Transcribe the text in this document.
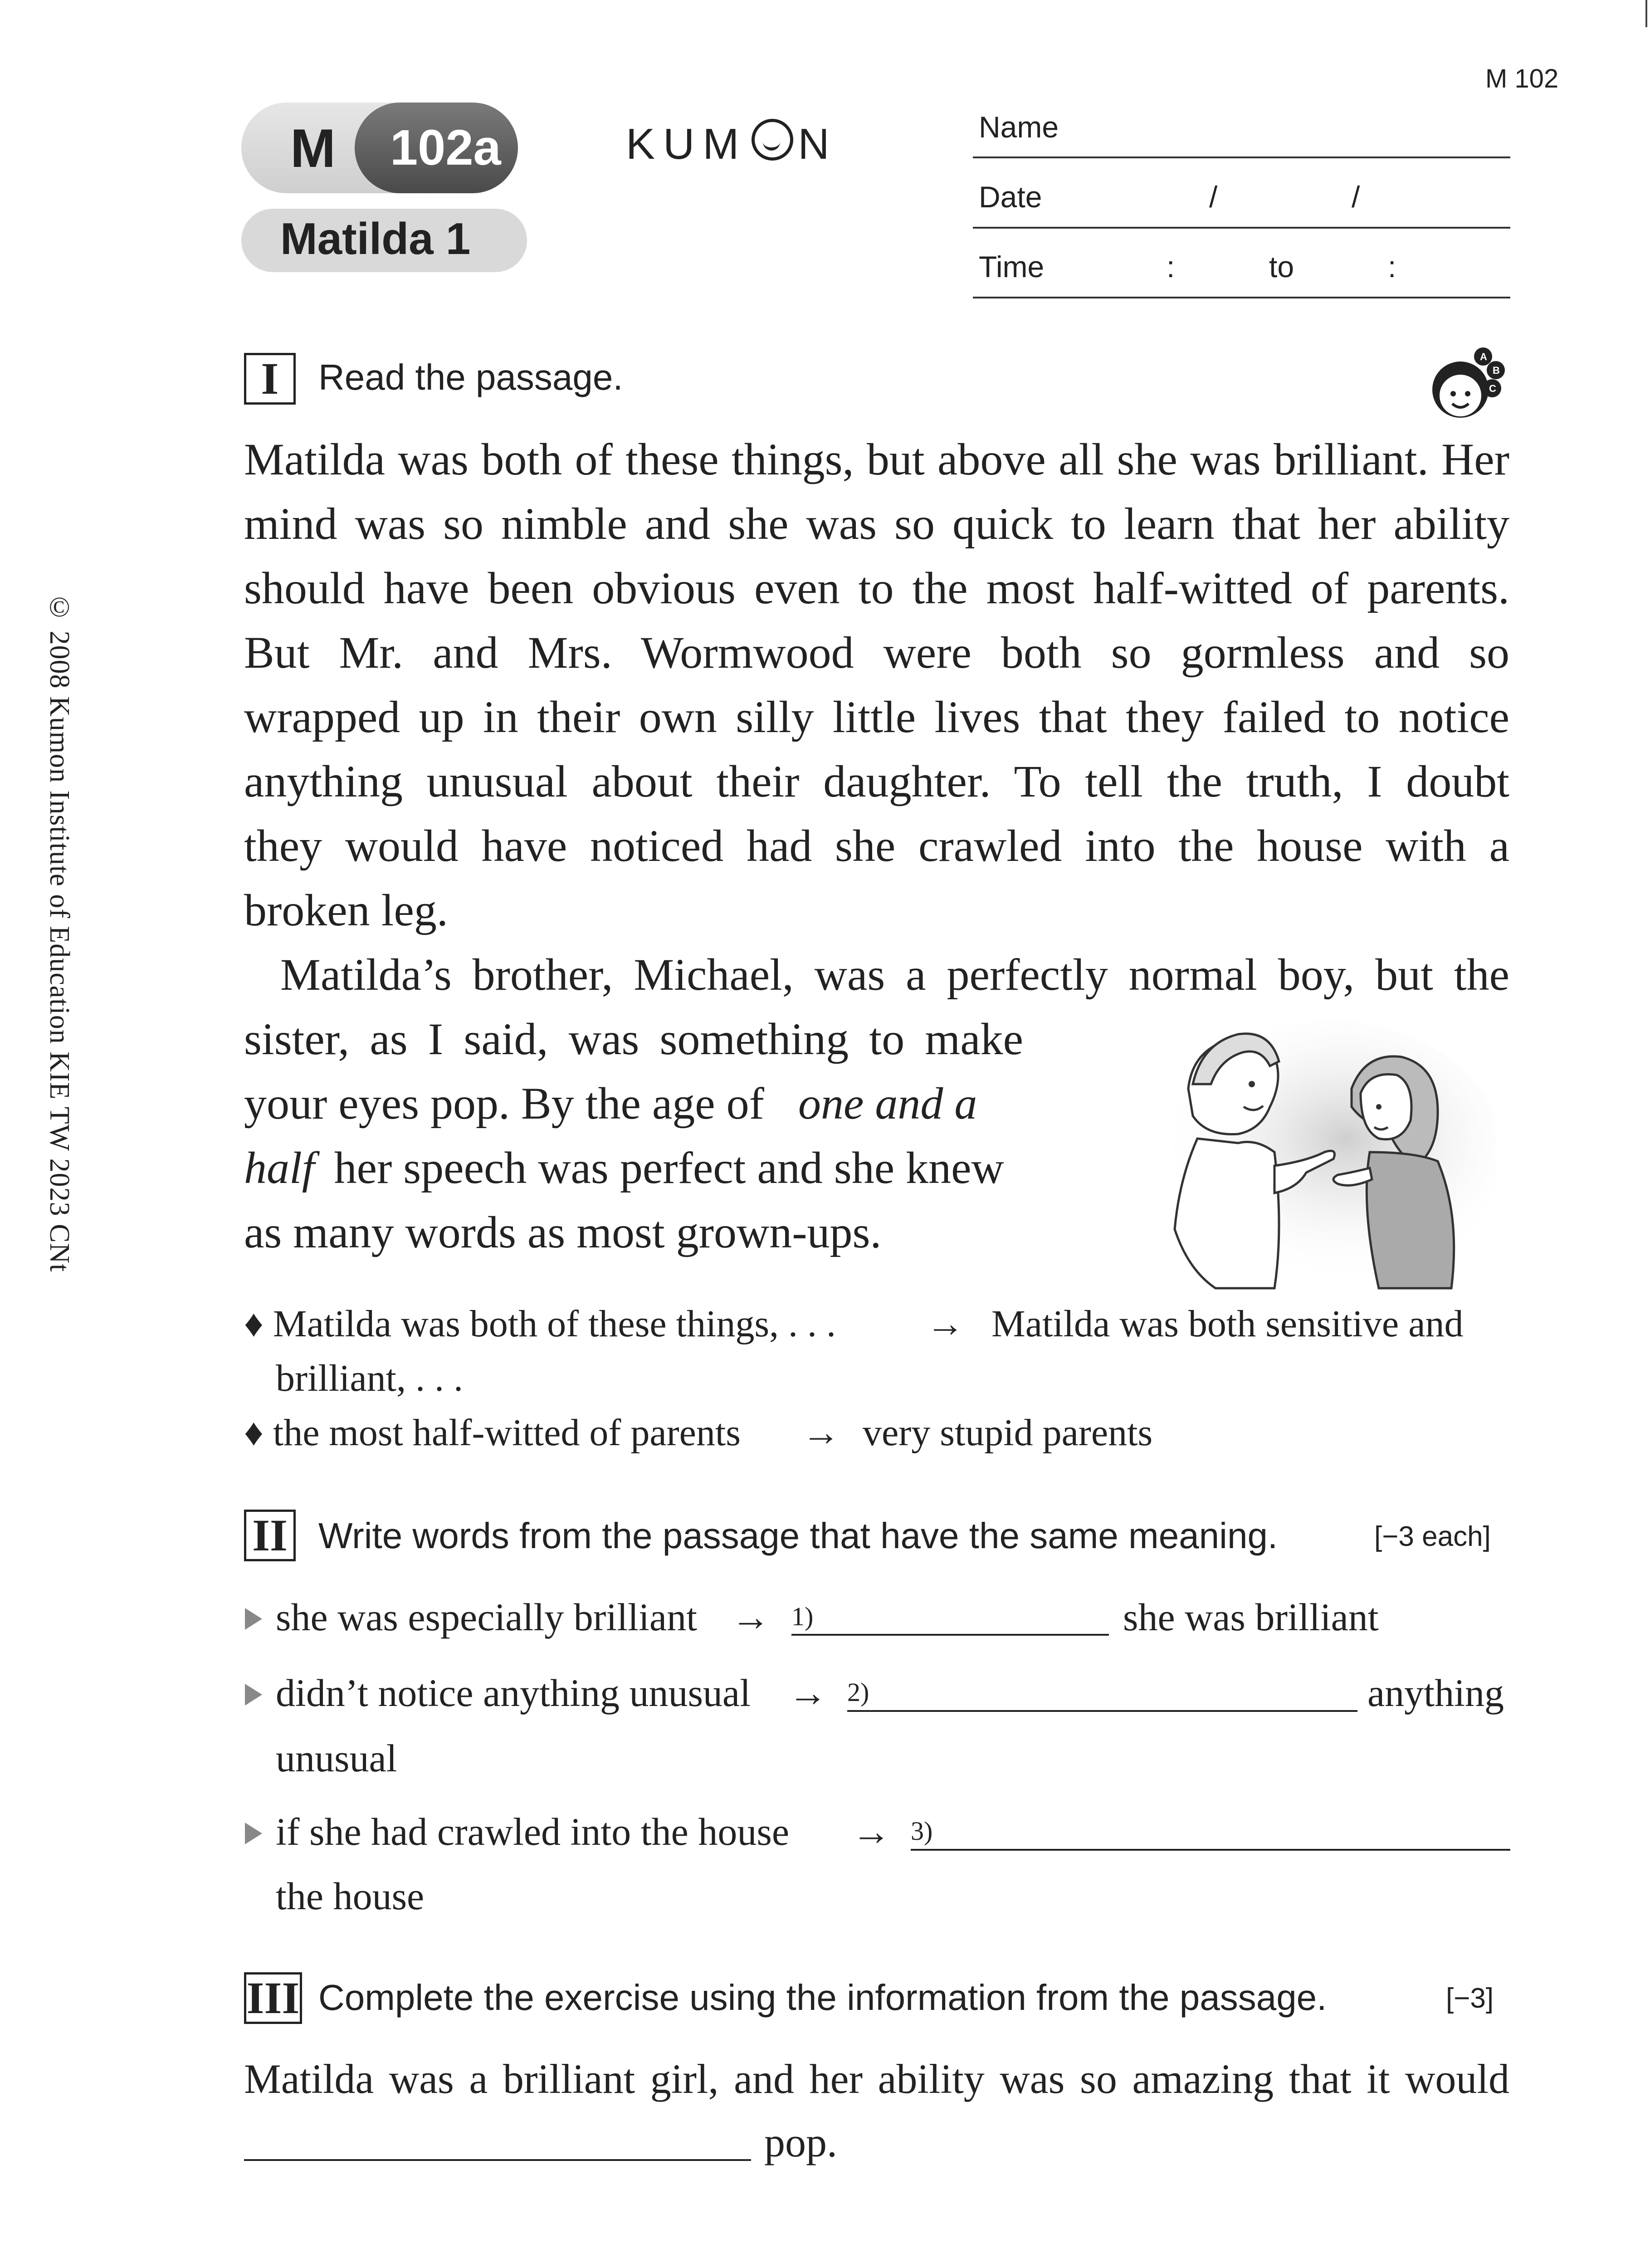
M 102
M 102a
Matilda 1
KUM N	Name
Date	/	/
Time	:	to	:
© 2008 Kumon Institute of Education KIE TW 2023 CNt
I	Read the passage.
A
B
C
Matilda was both of these things, but above all she was brilliant. Her
mind was so nimble and she was so quick to learn that her ability
should have been obvious even to the most half-witted of parents.
But Mr. and Mrs. Wormwood were both so gormless and so
wrapped up in their own silly little lives that they failed to notice
anything unusual about their daughter. To tell the truth, I doubt
they would have noticed had she crawled into the house with a
broken leg.
Matilda’s brother, Michael, was a perfectly normal boy, but the
sister, as I said, was something to make
your eyes pop. By the age of one and a
half her speech was perfect and she knew
as many words as most grown-ups.
♦ Matilda was both of these things, . . . → Matilda was both sensitive and
brilliant, . . .
♦ the most half-witted of parents → very stupid parents
II Write words from the passage that have the same meaning.	[−3 each]
she was especially brilliant → 1)	she was brilliant
didn’t notice anything unusual → 2)	anything
unusual
if she had crawled into the house → 3)
the house
III Complete the exercise using the information from the passage.	[−3]
Matilda was a brilliant girl, and her ability was so amazing that it would
pop.
